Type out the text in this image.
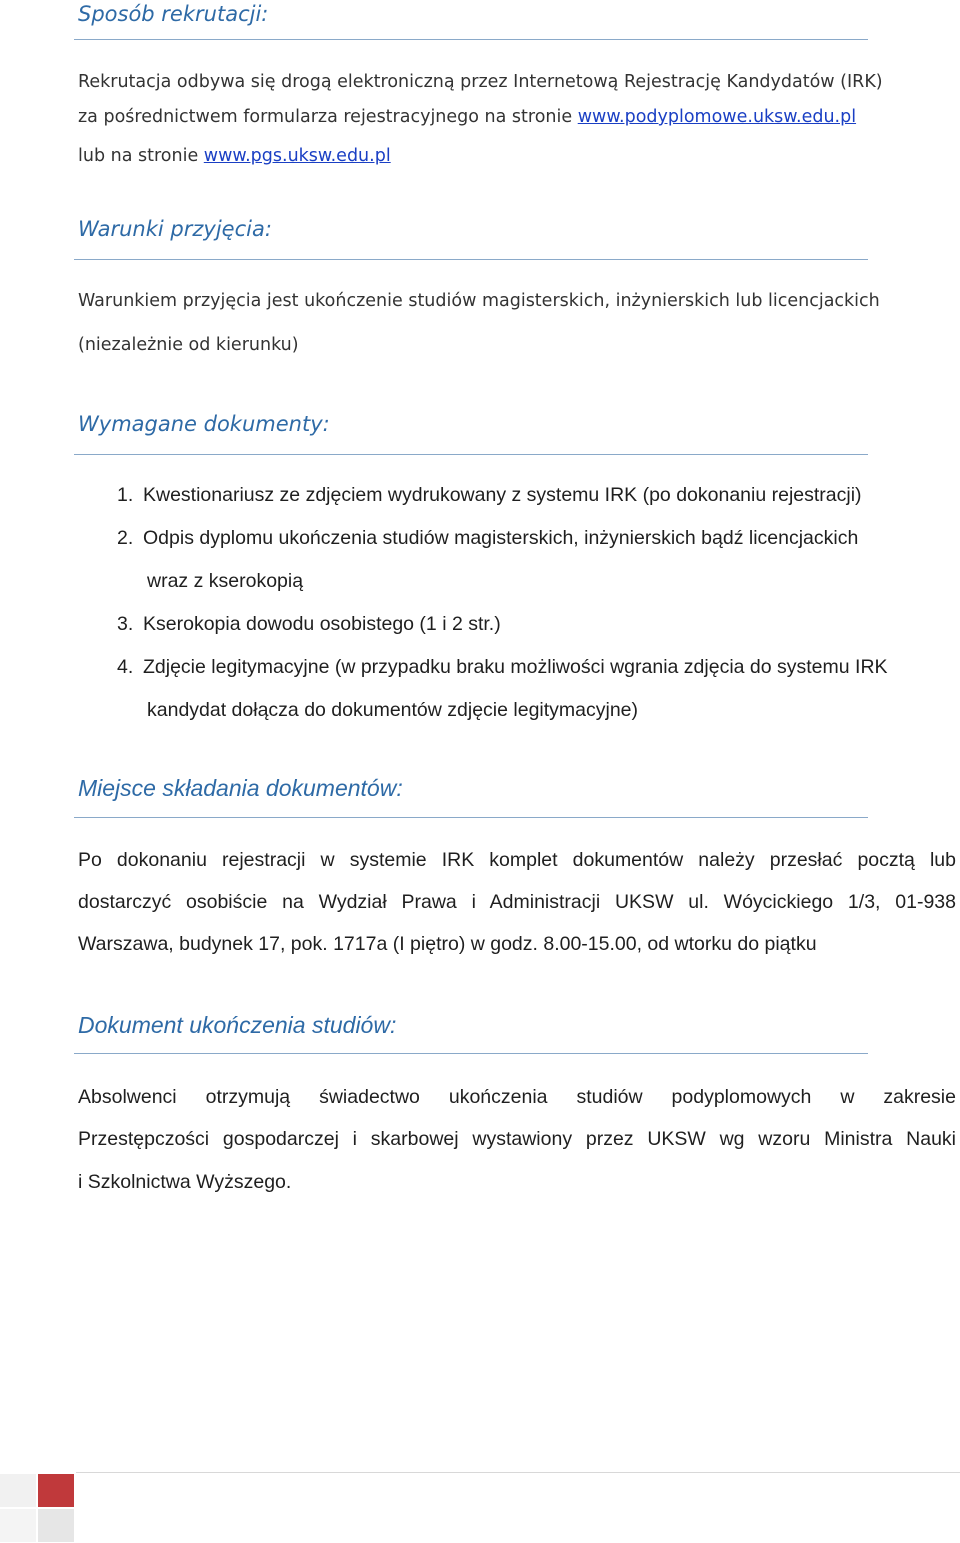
Sposób rekrutacji:
Rekrutacja odbywa się drogą elektroniczną przez Internetową Rejestrację Kandydatów (IRK)
za pośrednictwem formularza rejestracyjnego na stronie www.podyplomowe.uksw.edu.pl
lub na stronie www.pgs.uksw.edu.pl
Warunki przyjęcia:
Warunkiem przyjęcia jest ukończenie studiów magisterskich, inżynierskich lub licencjackich
(niezależnie od kierunku)
Wymagane dokumenty:
1. Kwestionariusz ze zdjęciem wydrukowany z systemu IRK (po dokonaniu rejestracji)
2. Odpis dyplomu ukończenia studiów magisterskich, inżynierskich bądź licencjackich
wraz z kserokopią
3. Kserokopia dowodu osobistego (1 i 2 str.)
4. Zdjęcie legitymacyjne (w przypadku braku możliwości wgrania zdjęcia do systemu IRK
kandydat dołącza do dokumentów zdjęcie legitymacyjne)
Miejsce składania dokumentów:
Po dokonaniu rejestracji w systemie IRK komplet dokumentów należy przesłać pocztą lub
dostarczyć osobiście na Wydział Prawa i Administracji UKSW ul. Wóycickiego 1/3, 01-938
Warszawa, budynek 17, pok. 1717a (I piętro) w godz. 8.00-15.00, od wtorku do piątku
Dokument ukończenia studiów:
Absolwenci otrzymują świadectwo ukończenia studiów podyplomowych w zakresie
Przestępczości gospodarczej i skarbowej wystawiony przez UKSW wg wzoru Ministra Nauki
i Szkolnictwa Wyższego.
